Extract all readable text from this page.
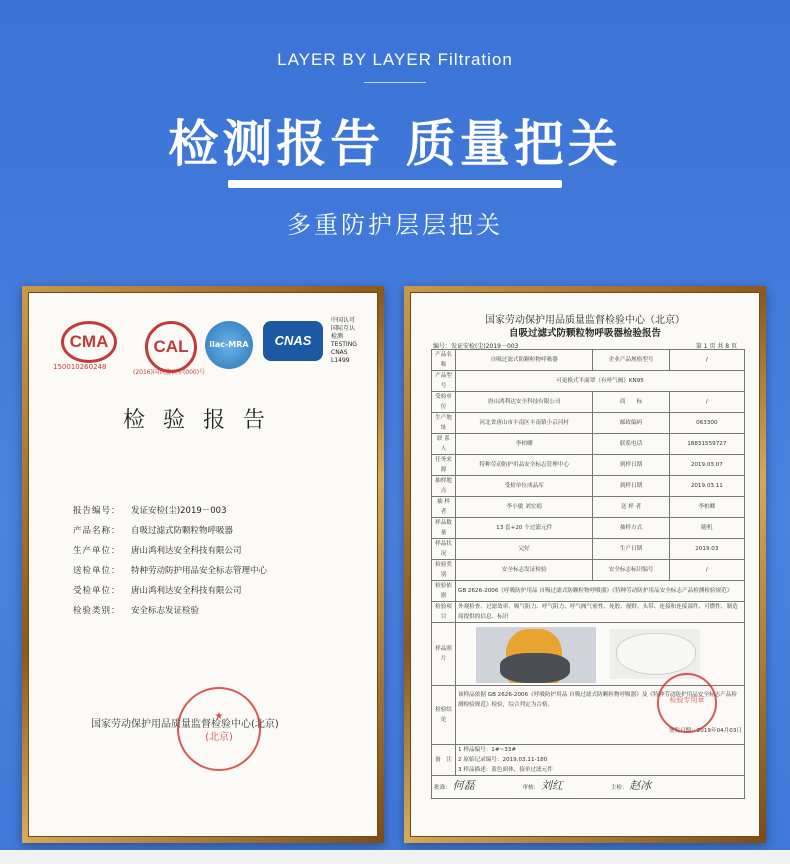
LAYER BY LAYER Filtration
检测报告 质量把关
多重防护层层把关
CMA
150010260248
CAL
(2016)国认监认字(000)号
ilac-MRA	CNAS
中国认可
国际互认
检测
TESTING
CNAS L1499
检验报告
报告编号： 发证安检(尘)2019－003
产品名称： 自吸过滤式防颗粒物呼吸器
生产单位： 唐山鸿利达安全科技有限公司
送检单位： 特种劳动防护用品安全标志管理中心
受检单位： 唐山鸿利达安全科技有限公司
检验类别： 安全标志发证检验
★
(北京)
国家劳动保护用品质量监督检验中心(北京)
国家劳动保护用品质量监督检验中心（北京）
自吸过滤式防颗粒物呼吸器检验报告
编号：发证安检(尘)2019－003	第 1 页 共 8 页
产品名称	自吸过滤式防颗粒物呼吸器	企业产品规格型号	/
产品型号	可更换式半面罩（有呼气阀）KN95		
受检单位	唐山鸿利达安全科技有限公司	商　　标	/
生产地址	河北省唐山市丰南区丰南镇小京河村	邮政编码	063300
联 系 人	李柏卿	联系电话	18831559727
任务来源	特种劳动防护用品安全标志管理中心	到样日期	2019.03.07
抽样地点	受检单位成品库	到样日期	2019.03.11
抽 样 者	李小敏 刘宏娟	送 样 者	李柏卿
样品数量	13 套+20 个过滤元件	抽样方式	随机
样品状况	完好	生产日期	2019.03
检验类别	安全标志发证检验	安全标志标识编号	/
检验依据	GB 2626-2006《呼吸防护用品 自吸过滤式防颗粒物呼吸器》《特种劳动防护用品安全标志产品检测检验规范》		
检验项目	外观检查、过滤效率、吸气阻力、呼气阻力、呼气阀气密性、死腔、视野、头带、连接和连接部件、可燃性、制造商提供的信息、标识		
样品照片			

检验结论	该样品依据 GB 2626-2006《呼吸防护用品 自吸过滤式防颗粒物呼吸器》及《特种劳动防护用品安全标志产品检测检验规范》检验，综合判定为合格。
签发日期：2019年04月03日		

备　注	1 样品编号：1#~33#
2 原始记录编号：2019.03.11-180
3 样品描述：蓝色面体，接单过滤元件		

批准： 何磊 审核： 刘红 主检： 赵冰			
检验专用章
